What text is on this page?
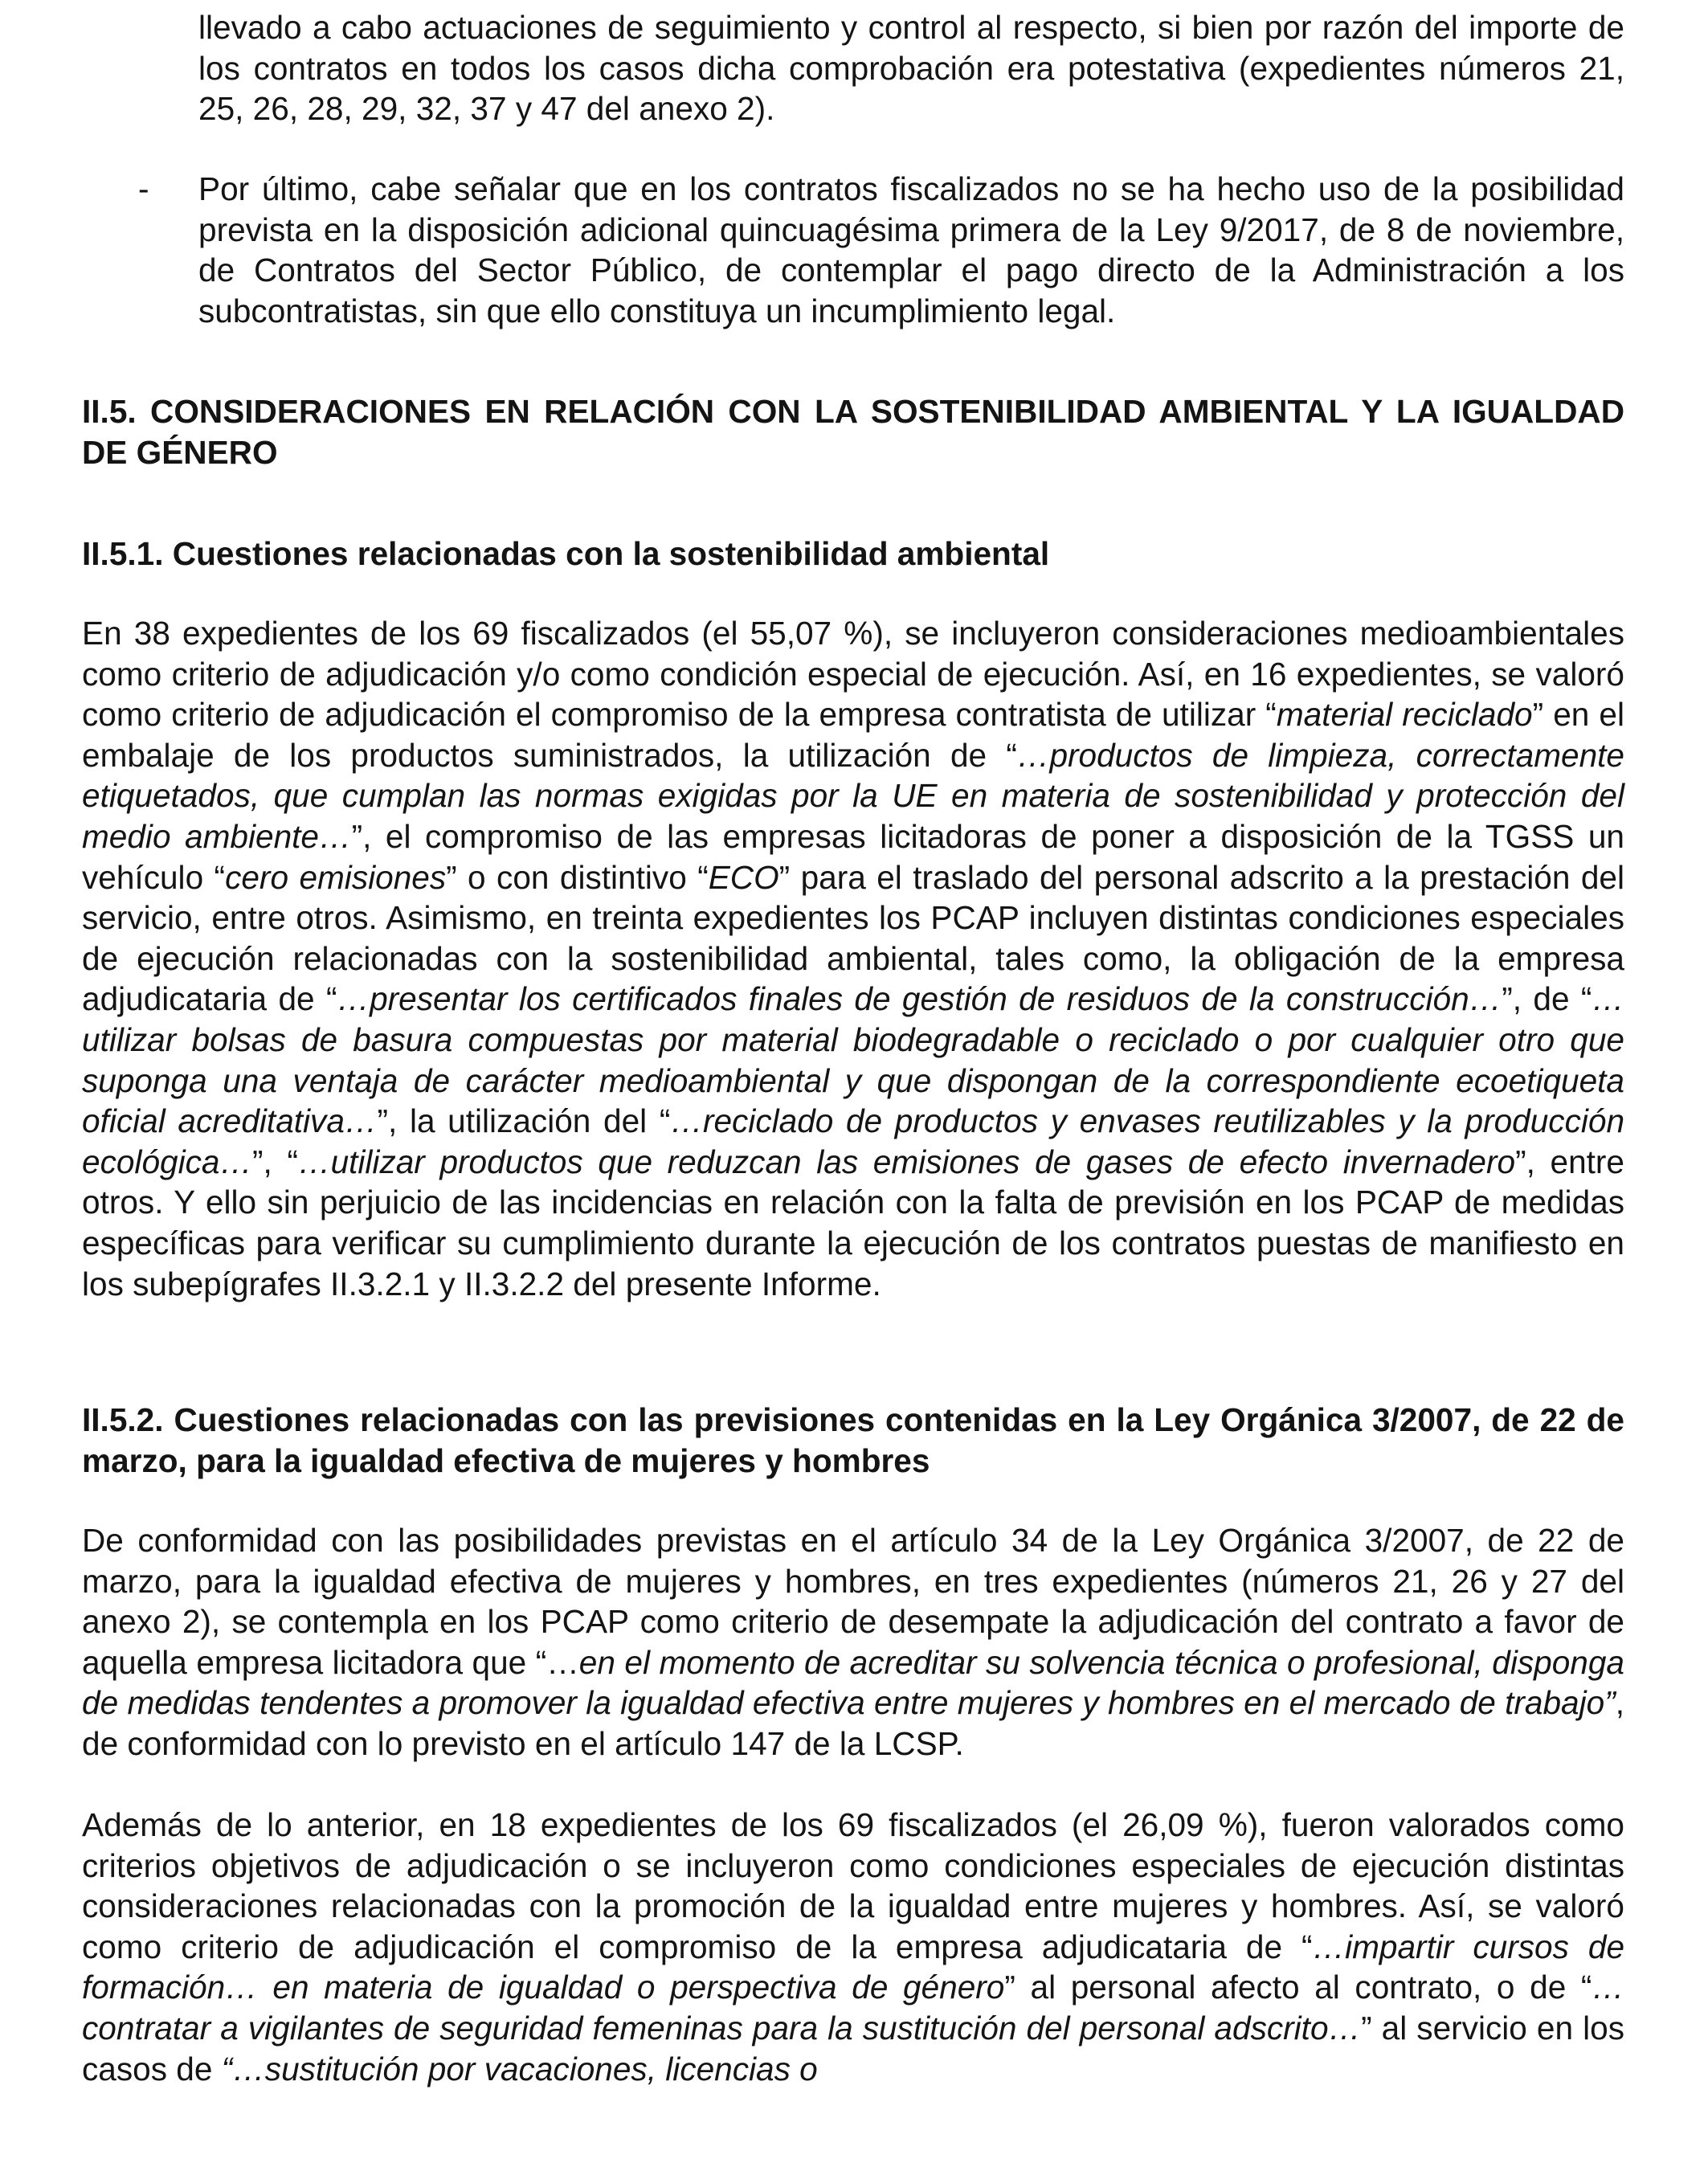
llevado a cabo actuaciones de seguimiento y control al respecto, si bien por razón del importe de los contratos en todos los casos dicha comprobación era potestativa (expedientes números 21, 25, 26, 28, 29, 32, 37 y 47 del anexo 2).

- Por último, cabe señalar que en los contratos fiscalizados no se ha hecho uso de la posibilidad prevista en la disposición adicional quincuagésima primera de la Ley 9/2017, de 8 de noviembre, de Contratos del Sector Público, de contemplar el pago directo de la Administración a los subcontratistas, sin que ello constituya un incumplimiento legal.

II.5. CONSIDERACIONES EN RELACIÓN CON LA SOSTENIBILIDAD AMBIENTAL Y LA IGUALDAD DE GÉNERO

II.5.1. Cuestiones relacionadas con la sostenibilidad ambiental

En 38 expedientes de los 69 fiscalizados (el 55,07 %), se incluyeron consideraciones medioambientales como criterio de adjudicación y/o como condición especial de ejecución. Así, en 16 expedientes, se valoró como criterio de adjudicación el compromiso de la empresa contratista de utilizar “material reciclado” en el embalaje de los productos suministrados, la utilización de “…productos de limpieza, correctamente etiquetados, que cumplan las normas exigidas por la UE en materia de sostenibilidad y protección del medio ambiente…”, el compromiso de las empresas licitadoras de poner a disposición de la TGSS un vehículo “cero emisiones” o con distintivo “ECO” para el traslado del personal adscrito a la prestación del servicio, entre otros. Asimismo, en treinta expedientes los PCAP incluyen distintas condiciones especiales de ejecución relacionadas con la sostenibilidad ambiental, tales como, la obligación de la empresa adjudicataria de “…presentar los certificados finales de gestión de residuos de la construcción…”, de “…utilizar bolsas de basura compuestas por material biodegradable o reciclado o por cualquier otro que suponga una ventaja de carácter medioambiental y que dispongan de la correspondiente ecoetiqueta oficial acreditativa…”, la utilización del “…reciclado de productos y envases reutilizables y la producción ecológica…”, “…utilizar productos que reduzcan las emisiones de gases de efecto invernadero”, entre otros. Y ello sin perjuicio de las incidencias en relación con la falta de previsión en los PCAP de medidas específicas para verificar su cumplimiento durante la ejecución de los contratos puestas de manifiesto en los subepígrafes II.3.2.1 y II.3.2.2 del presente Informe.

II.5.2. Cuestiones relacionadas con las previsiones contenidas en la Ley Orgánica 3/2007, de 22 de marzo, para la igualdad efectiva de mujeres y hombres

De conformidad con las posibilidades previstas en el artículo 34 de la Ley Orgánica 3/2007, de 22 de marzo, para la igualdad efectiva de mujeres y hombres, en tres expedientes (números 21, 26 y 27 del anexo 2), se contempla en los PCAP como criterio de desempate la adjudicación del contrato a favor de aquella empresa licitadora que “…en el momento de acreditar su solvencia técnica o profesional, disponga de medidas tendentes a promover la igualdad efectiva entre mujeres y hombres en el mercado de trabajo”, de conformidad con lo previsto en el artículo 147 de la LCSP.

Además de lo anterior, en 18 expedientes de los 69 fiscalizados (el 26,09 %), fueron valorados como criterios objetivos de adjudicación o se incluyeron como condiciones especiales de ejecución distintas consideraciones relacionadas con la promoción de la igualdad entre mujeres y hombres. Así, se valoró como criterio de adjudicación el compromiso de la empresa adjudicataria de “…impartir cursos de formación… en materia de igualdad o perspectiva de género” al personal afecto al contrato, o de “…contratar a vigilantes de seguridad femeninas para la sustitución del personal adscrito…” al servicio en los casos de “…sustitución por vacaciones, licencias o
